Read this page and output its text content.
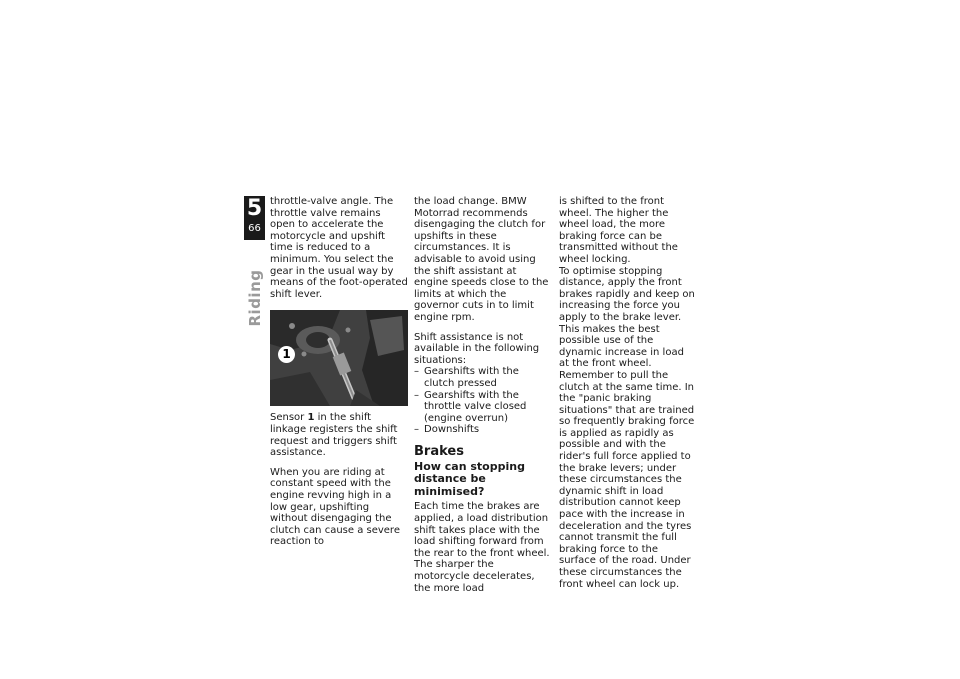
5
66
Riding

throttle-valve angle. The throttle valve remains open to accelerate the motorcycle and upshift time is reduced to a minimum. You select the gear in the usual way by means of the foot-operated shift lever.

1

Sensor 1 in the shift linkage registers the shift request and triggers shift assistance.

When you are riding at constant speed with the engine revving high in a low gear, upshifting without disengaging the clutch can cause a severe reaction to

the load change. BMW Motorrad recommends disengaging the clutch for upshifts in these circumstances. It is advisable to avoid using the shift assistant at engine speeds close to the limits at which the governor cuts in to limit engine rpm.

Shift assistance is not available in the following situations:

– Gearshifts with the clutch pressed
– Gearshifts with the throttle valve closed (engine overrun)
– Downshifts
Brakes
How can stopping distance be minimised?

Each time the brakes are applied, a load distribution shift takes place with the load shifting forward from the rear to the front wheel. The sharper the motorcycle decelerates, the more load

is shifted to the front wheel. The higher the wheel load, the more braking force can be transmitted without the wheel locking.

To optimise stopping distance, apply the front brakes rapidly and keep on increasing the force you apply to the brake lever. This makes the best possible use of the dynamic increase in load at the front wheel. Remember to pull the clutch at the same time. In the "panic braking situations" that are trained so frequently braking force is applied as rapidly as possible and with the rider's full force applied to the brake levers; under these circumstances the dynamic shift in load distribution cannot keep pace with the increase in deceleration and the tyres cannot transmit the full braking force to the surface of the road. Under these circumstances the front wheel can lock up.
